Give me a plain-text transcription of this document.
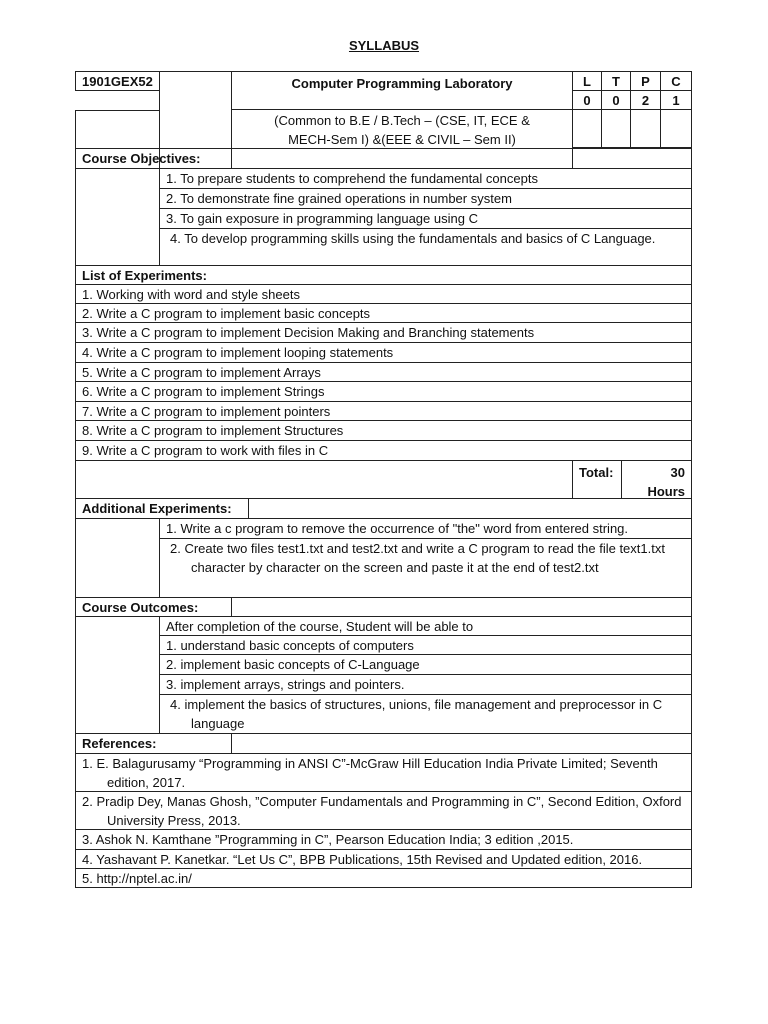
SYLLABUS
1901GEX52	Computer Programming Laboratory
(Common to B.E / B.Tech – (CSE, IT, ECE & MECH-Sem I) &(EEE & CIVIL – Sem II)
L	T	P	C
0	0	2	1
Course Objectives:
1. To prepare students to comprehend the fundamental concepts
2. To demonstrate fine grained operations in number system
3. To gain exposure in programming language using C
4. To develop programming skills using the fundamentals and basics of C Language.
List of Experiments:
1. Working with word and style sheets
2. Write a C program to implement basic concepts
3. Write a C program to implement Decision Making and Branching statements
4. Write a C program to implement looping statements
5. Write a C program to implement Arrays
6. Write a C program to implement Strings
7. Write a C program to implement pointers
8. Write a C program to implement Structures
9. Write a C program to work with files in C
Total:	30 Hours
Additional Experiments:
1. Write a c program to remove the occurrence of "the" word from entered string.
2. Create two files test1.txt and test2.txt and write a C program to read the file text1.txt character by character on the screen and paste it at the end of test2.txt
Course Outcomes:
After completion of the course, Student will be able to
1. understand basic concepts of computers
2. implement basic concepts of C-Language
3. implement arrays, strings and pointers.
4. implement the basics of structures, unions, file management and preprocessor in C language
References:
1. E. Balagurusamy “Programming in ANSI C”-McGraw Hill Education India Private Limited; Seventh edition, 2017.
2. Pradip Dey, Manas Ghosh, ”Computer Fundamentals and Programming in C”, Second Edition, Oxford University Press, 2013.
3. Ashok N. Kamthane ”Programming in C”, Pearson Education India; 3 edition ,2015.
4. Yashavant P. Kanetkar. “Let Us C”, BPB Publications, 15th Revised and Updated edition, 2016.
5. http://nptel.ac.in/
